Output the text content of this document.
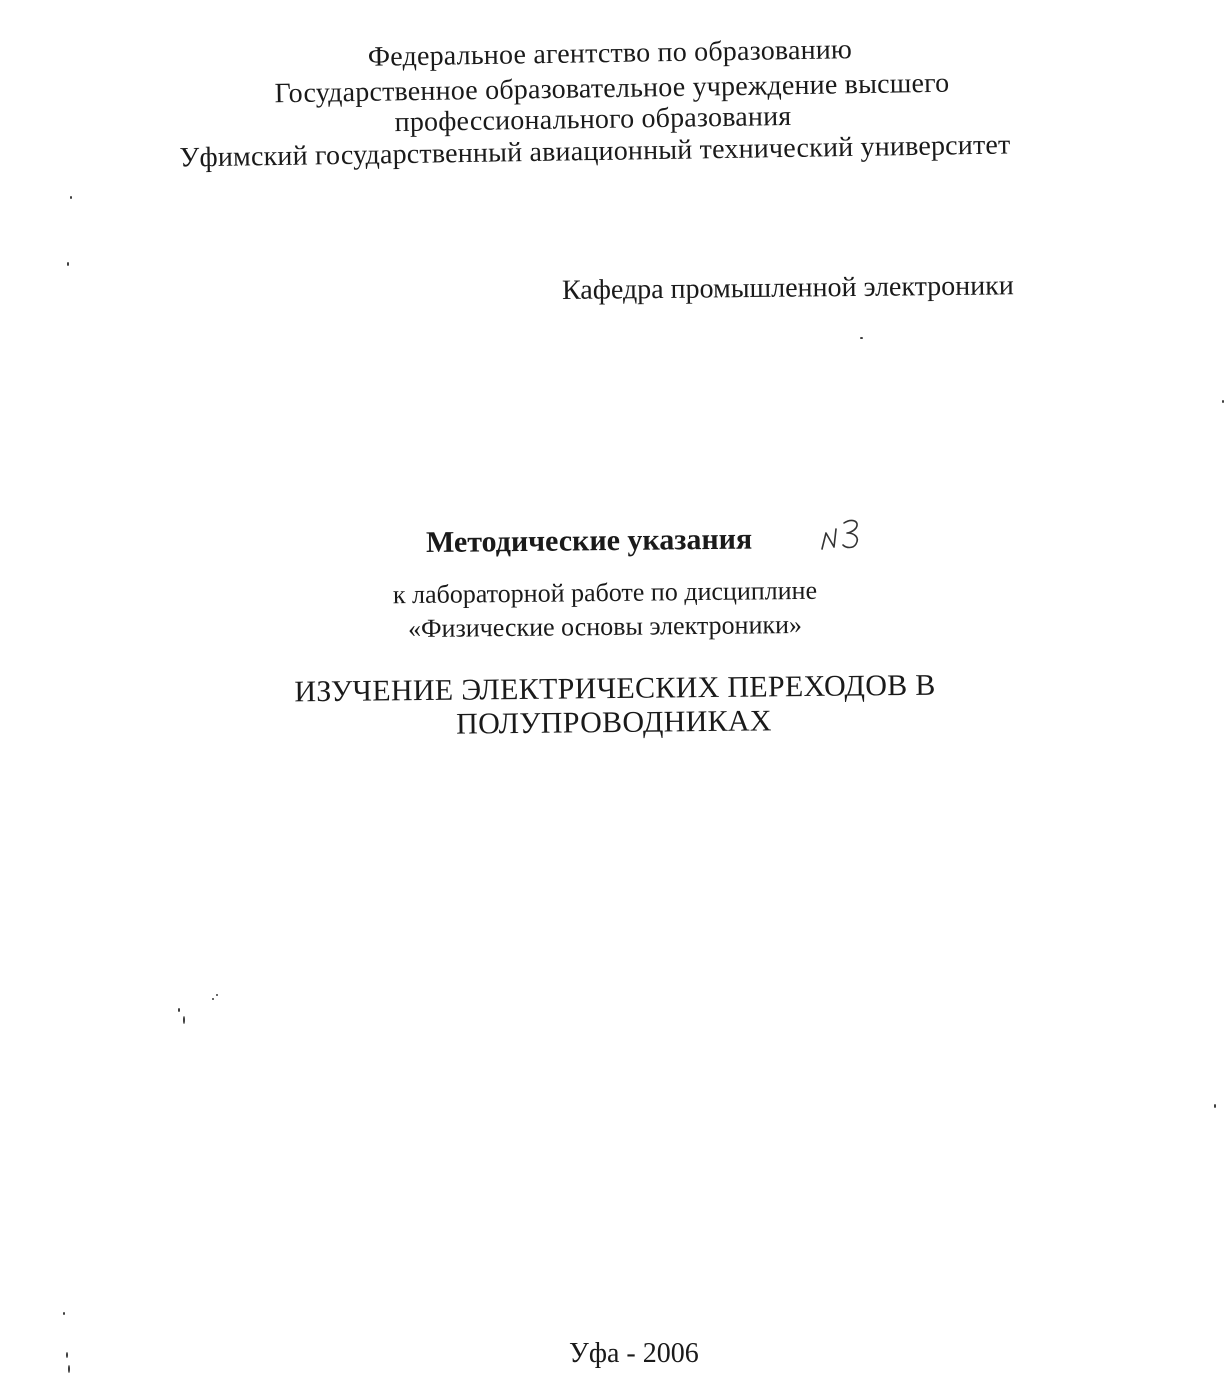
Федеральное агентство по образованию
Государственное образовательное учреждение высшего
профессионального образования
Уфимский государственный авиационный технический университет
Кафедра промышленной электроники
Методические указания
к лабораторной работе по дисциплине
«Физические основы электроники»
ИЗУЧЕНИЕ ЭЛЕКТРИЧЕСКИХ ПЕРЕХОДОВ В
ПОЛУПРОВОДНИКАХ
Уфа - 2006
